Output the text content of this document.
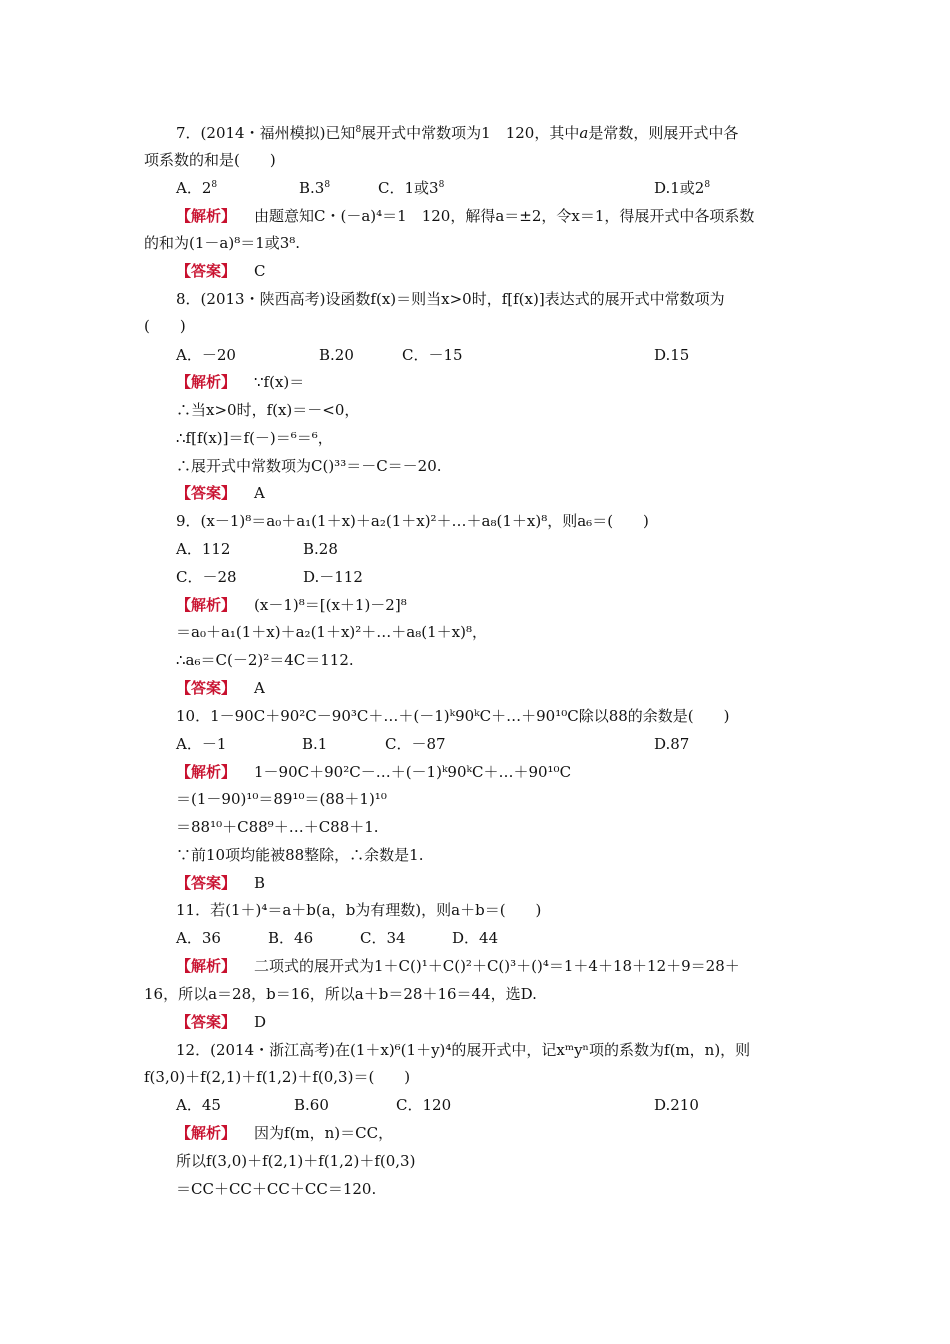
7．(2014・福州模拟)已知$^8$展开式中常数项为1　120，其中a是常数，则展开式中各
项系数的和是(　　)
A．$2^8$	$B.3^8$	C．1或$3^8$	D.1或$2^8$
【解析】 由题意知C・(－a)⁴＝1　120，解得a＝±2，令x＝1，得展开式中各项系数
的和为(1－a)⁸＝1或3⁸.
【答案】 C
8．(2013・陕西高考)设函数f(x)＝则当x>0时，f[f(x)]表达式的展开式中常数项为
(　　)
A．－20	B.20	C．－15	D.15
【解析】 ∵f(x)＝
∴当x>0时，f(x)＝－<0，
∴f[f(x)]＝f(－)＝⁶＝⁶，
∴展开式中常数项为C()³³＝－C＝－20.
【答案】 A
9．(x－1)⁸＝a₀＋a₁(1＋x)＋a₂(1＋x)²＋…＋a₈(1＋x)⁸，则a₆＝(　　)
A．112	B.28
C．－28	D.－112
【解析】 (x－1)⁸＝[(x＋1)－2]⁸
＝a₀＋a₁(1＋x)＋a₂(1＋x)²＋…＋a₈(1＋x)⁸，
∴a₆＝C(－2)²＝4C＝112.
【答案】 A
10．1－90C＋90²C－90³C＋…＋(－1)ᵏ90ᵏC＋…＋90¹⁰C除以88的余数是(　　)
A．－1	B.1	C．－87	D.87
【解析】 1－90C＋90²C－…＋(－1)ᵏ90ᵏC＋…＋90¹⁰C
＝(1－90)¹⁰＝89¹⁰＝(88＋1)¹⁰
＝88¹⁰＋C88⁹＋…＋C88＋1.
∵前10项均能被88整除，∴余数是1.
【答案】 B
11．若(1＋)⁴＝a＋b(a，b为有理数)，则a＋b＝(　　)
A．36	B．46	C．34	D．44
【解析】 二项式的展开式为1＋C()¹＋C()²＋C()³＋()⁴＝1＋4＋18＋12＋9＝28＋
16，所以a＝28，b＝16，所以a＋b＝28＋16＝44，选D.
【答案】 D
12．(2014・浙江高考)在(1＋x)⁶(1＋y)⁴的展开式中，记xᵐyⁿ项的系数为f(m，n)，则
f(3,0)＋f(2,1)＋f(1,2)＋f(0,3)＝(　　)
A．45	B.60	C．120	D.210
【解析】 因为f(m，n)＝CC，
所以f(3,0)＋f(2,1)＋f(1,2)＋f(0,3)
＝CC＋CC＋CC＋CC＝120.
